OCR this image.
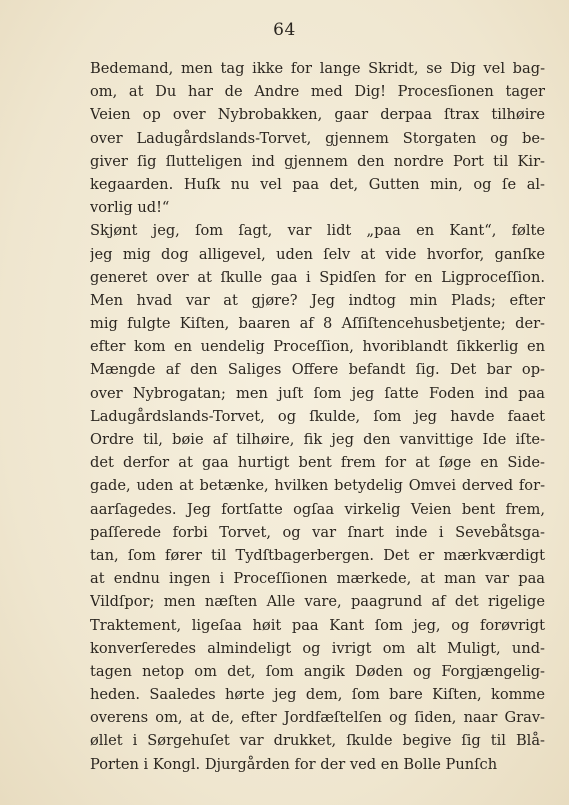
64
Bedemand, men tag ikke for lange Skridt, se Dig vel bag-
om, at Du har de Andre med Dig! Procesſionen tager
Veien op over Nybrobakken, gaar derpaa ſtrax tilhøire
over Ladugårdslands-Torvet, gjennem Storgaten og be-
giver ſig ſlutteligen ind gjennem den nordre Port til Kir-
kegaarden. Huſk nu vel paa det, Gutten min, og ſe al-
vorlig ud!“
Skjønt jeg, ſom ſagt, var lidt „paa en Kant“, følte
jeg mig dog alligevel, uden ſelv at vide hvorfor, ganſke
generet over at ſkulle gaa i Spidſen for en Ligproceſſion.
Men hvad var at gjøre? Jeg indtog min Plads; efter
mig fulgte Kiſten, baaren af 8 Aſſiſtencehusbetjente; der-
efter kom en uendelig Proceſſion, hvoriblandt ſikkerlig en
Mængde af den Saliges Offere befandt ſig. Det bar op-
over Nybrogatan; men juſt ſom jeg ſatte Foden ind paa
Ladugårdslands-Torvet, og ſkulde, ſom jeg havde faaet
Ordre til, bøie af tilhøire, fik jeg den vanvittige Ide iſte-
det derfor at gaa hurtigt bent frem for at ſøge en Side-
gade, uden at betænke, hvilken betydelig Omvei derved for-
aarſagedes. Jeg fortſatte ogſaa virkelig Veien bent frem,
paſſerede forbi Torvet, og var ſnart inde i Sevebåtsga-
tan, ſom fører til Tydſtbagerbergen. Det er mærkværdigt
at endnu ingen i Proceſſionen mærkede, at man var paa
Vildſpor; men næſten Alle vare, paagrund af det rigelige
Traktement, ligeſaa høit paa Kant ſom jeg, og forøvrigt
konverſeredes almindeligt og ivrigt om alt Muligt, und-
tagen netop om det, ſom angik Døden og Forgjængelig-
heden. Saaledes hørte jeg dem, ſom bare Kiſten, komme
overens om, at de, efter Jordfæſtelſen og ſiden, naar Grav-
øllet i Sørgehuſet var drukket, ſkulde begive ſig til Blå-
Porten i Kongl. Djurgården for der ved en Bolle Punſch
